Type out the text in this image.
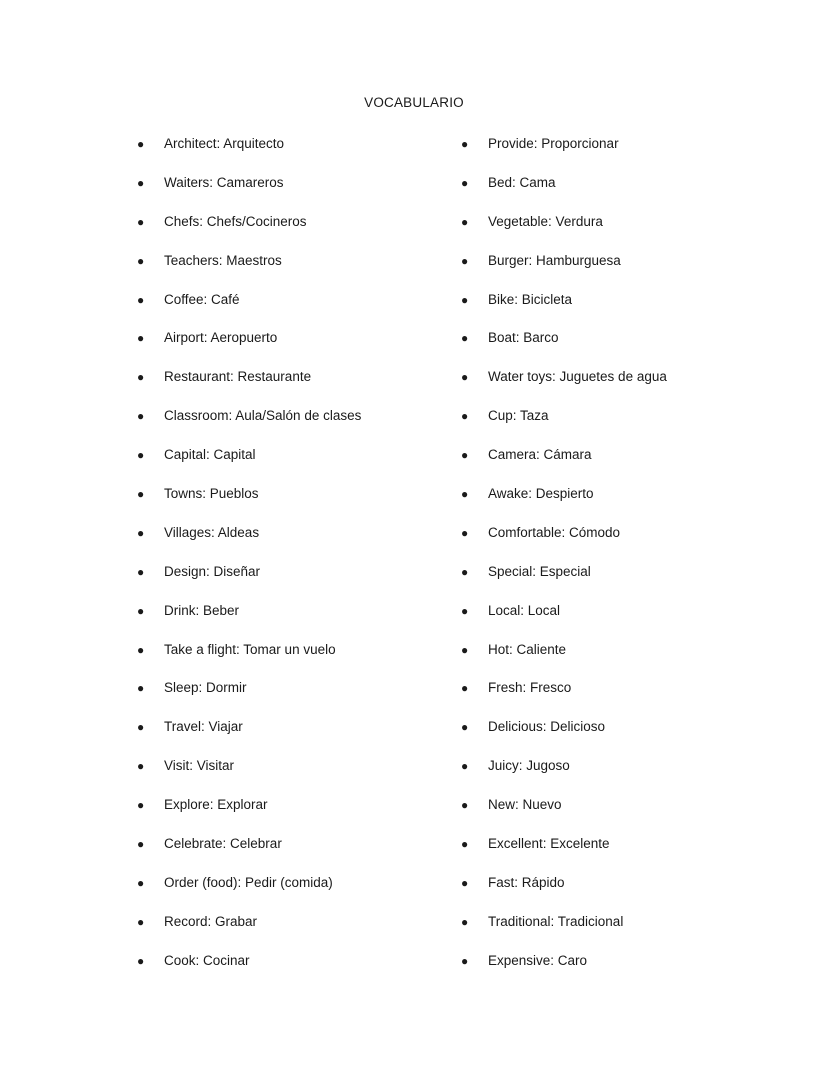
VOCABULARIO
●	Architect: Arquitecto
●	Waiters: Camareros
●	Chefs: Chefs/Cocineros
●	Teachers: Maestros
●	Coffee: Café
●	Airport: Aeropuerto
●	Restaurant: Restaurante
●	Classroom: Aula/Salón de clases
●	Capital: Capital
●	Towns: Pueblos
●	Villages: Aldeas
●	Design: Diseñar
●	Drink: Beber
●	Take a flight: Tomar un vuelo
●	Sleep: Dormir
●	Travel: Viajar
●	Visit: Visitar
●	Explore: Explorar
●	Celebrate: Celebrar
●	Order (food): Pedir (comida)
●	Record: Grabar
●	Cook: Cocinar
●	Provide: Proporcionar
●	Bed: Cama
●	Vegetable: Verdura
●	Burger: Hamburguesa
●	Bike: Bicicleta
●	Boat: Barco
●	Water toys: Juguetes de agua
●	Cup: Taza
●	Camera: Cámara
●	Awake: Despierto
●	Comfortable: Cómodo
●	Special: Especial
●	Local: Local
●	Hot: Caliente
●	Fresh: Fresco
●	Delicious: Delicioso
●	Juicy: Jugoso
●	New: Nuevo
●	Excellent: Excelente
●	Fast: Rápido
●	Traditional: Tradicional
●	Expensive: Caro
